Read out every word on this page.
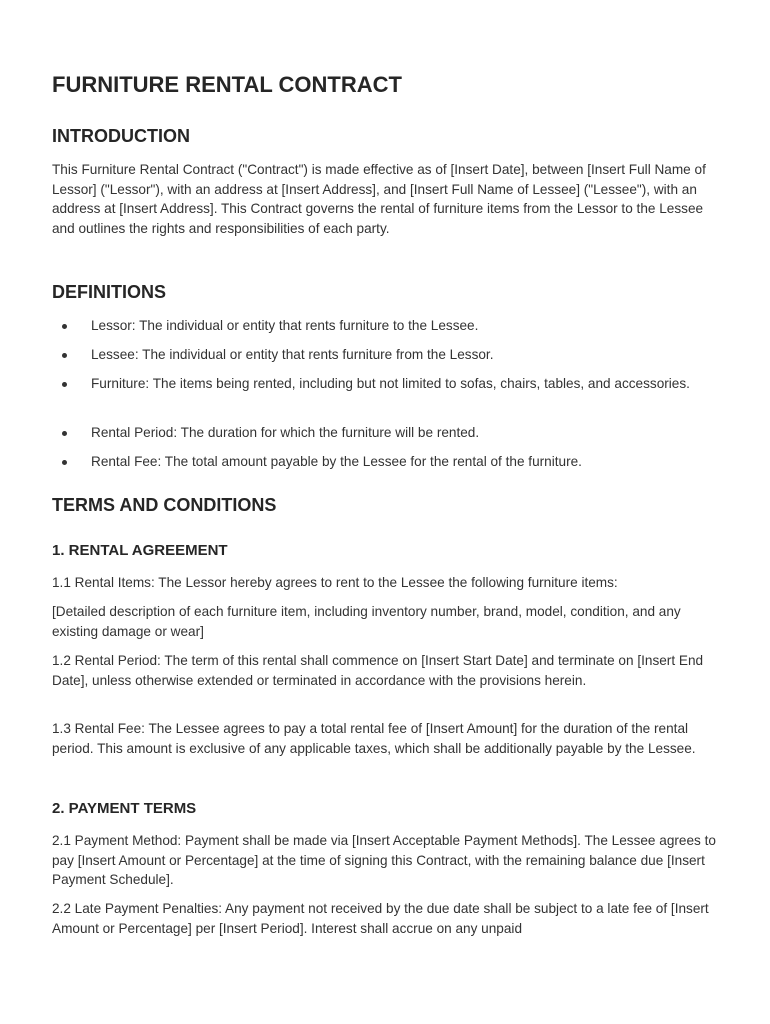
FURNITURE RENTAL CONTRACT
INTRODUCTION

This Furniture Rental Contract ("Contract") is made effective as of [Insert Date], between [Insert Full Name of Lessor] ("Lessor"), with an address at [Insert Address], and [Insert Full Name of Lessee] ("Lessee"), with an address at [Insert Address]. This Contract governs the rental of furniture items from the Lessor to the Lessee and outlines the rights and responsibilities of each party.

DEFINITIONS
Lessor: The individual or entity that rents furniture to the Lessee.
Lessee: The individual or entity that rents furniture from the Lessor.
Furniture: The items being rented, including but not limited to sofas, chairs, tables, and accessories.
Rental Period: The duration for which the furniture will be rented.
Rental Fee: The total amount payable by the Lessee for the rental of the furniture.
TERMS AND CONDITIONS
1. RENTAL AGREEMENT

1.1 Rental Items: The Lessor hereby agrees to rent to the Lessee the following furniture items:

[Detailed description of each furniture item, including inventory number, brand, model, condition, and any existing damage or wear]

1.2 Rental Period: The term of this rental shall commence on [Insert Start Date] and terminate on [Insert End Date], unless otherwise extended or terminated in accordance with the provisions herein.

1.3 Rental Fee: The Lessee agrees to pay a total rental fee of [Insert Amount] for the duration of the rental period. This amount is exclusive of any applicable taxes, which shall be additionally payable by the Lessee.

2. PAYMENT TERMS

2.1 Payment Method: Payment shall be made via [Insert Acceptable Payment Methods]. The Lessee agrees to pay [Insert Amount or Percentage] at the time of signing this Contract, with the remaining balance due [Insert Payment Schedule].

2.2 Late Payment Penalties: Any payment not received by the due date shall be subject to a late fee of [Insert Amount or Percentage] per [Insert Period]. Interest shall accrue on any unpaid
